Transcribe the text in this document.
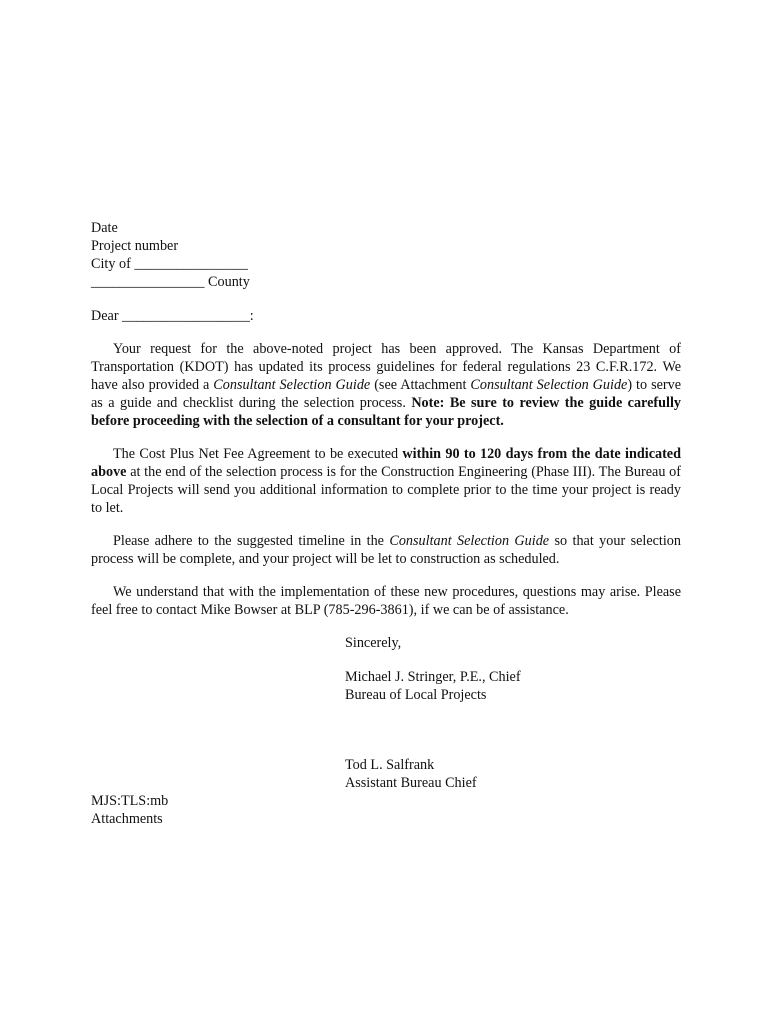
Date
Project number
City of ________________
________________ County
Dear __________________:

Your request for the above-noted project has been approved. The Kansas Department of Transportation (KDOT) has updated its process guidelines for federal regulations 23 C.F.R.172. We have also provided a Consultant Selection Guide (see Attachment Consultant Selection Guide) to serve as a guide and checklist during the selection process. Note: Be sure to review the guide carefully before proceeding with the selection of a consultant for your project.

The Cost Plus Net Fee Agreement to be executed within 90 to 120 days from the date indicated above at the end of the selection process is for the Construction Engineering (Phase III). The Bureau of Local Projects will send you additional information to complete prior to the time your project is ready to let.

Please adhere to the suggested timeline in the Consultant Selection Guide so that your selection process will be complete, and your project will be let to construction as scheduled.

We understand that with the implementation of these new procedures, questions may arise. Please feel free to contact Mike Bowser at BLP (785-296-3861), if we can be of assistance.

Sincerely,
Michael J. Stringer, P.E., Chief
Bureau of Local Projects
Tod L. Salfrank
Assistant Bureau Chief
MJS:TLS:mb
Attachments
